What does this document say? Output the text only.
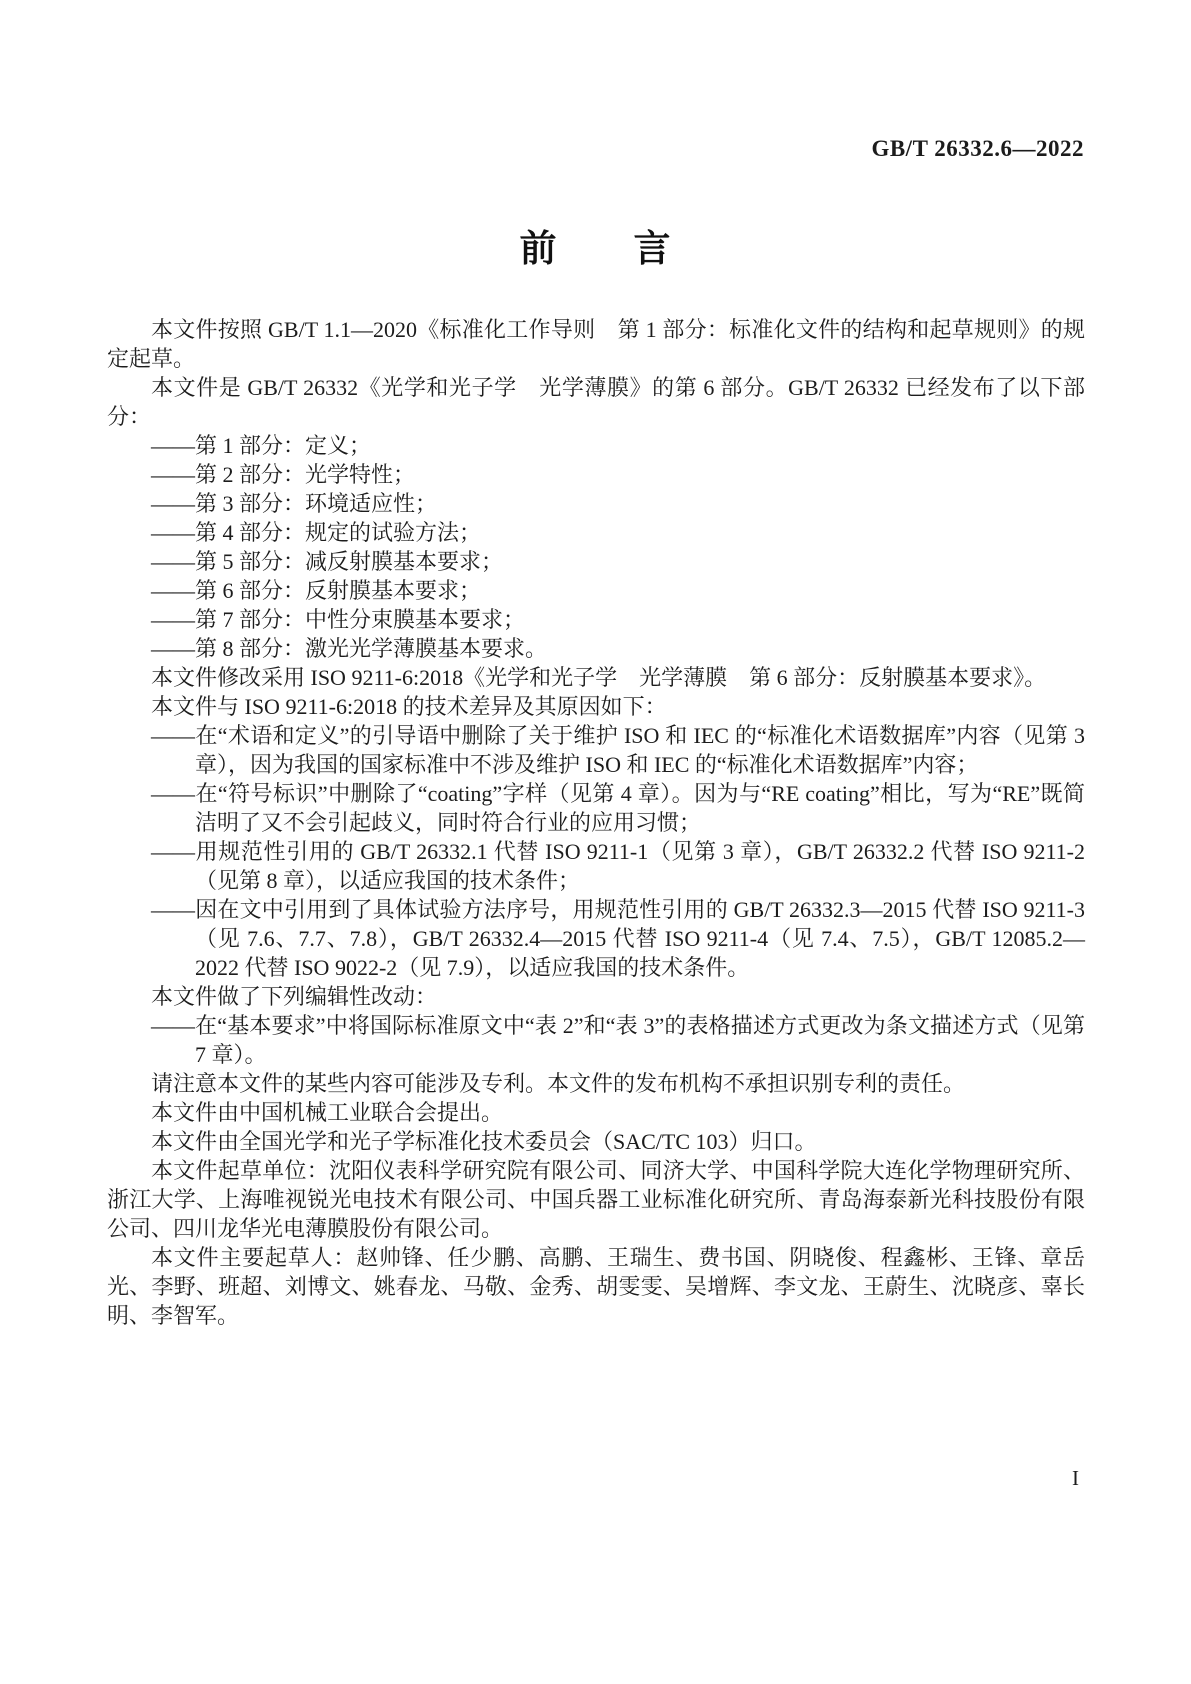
GB/T 26332.6—2022
前　　言
本文件按照 GB/T 1.1—2020《标准化工作导则　第 1 部分：标准化文件的结构和起草规则》的规定起草。
本文件是 GB/T 26332《光学和光子学　光学薄膜》的第 6 部分。GB/T 26332 已经发布了以下部分：
——第 1 部分：定义；
——第 2 部分：光学特性；
——第 3 部分：环境适应性；
——第 4 部分：规定的试验方法；
——第 5 部分：减反射膜基本要求；
——第 6 部分：反射膜基本要求；
——第 7 部分：中性分束膜基本要求；
——第 8 部分：激光光学薄膜基本要求。
本文件修改采用 ISO 9211-6:2018《光学和光子学　光学薄膜　第 6 部分：反射膜基本要求》。
本文件与 ISO 9211-6:2018 的技术差异及其原因如下：
——在“术语和定义”的引导语中删除了关于维护 ISO 和 IEC 的“标准化术语数据库”内容（见第 3 章），因为我国的国家标准中不涉及维护 ISO 和 IEC 的“标准化术语数据库”内容；
——在“符号标识”中删除了“coating”字样（见第 4 章）。因为与“RE coating”相比，写为“RE”既简洁明了又不会引起歧义，同时符合行业的应用习惯；
——用规范性引用的 GB/T 26332.1 代替 ISO 9211-1（见第 3 章），GB/T 26332.2 代替 ISO 9211-2（见第 8 章），以适应我国的技术条件；
——因在文中引用到了具体试验方法序号，用规范性引用的 GB/T 26332.3—2015 代替 ISO 9211-3（见 7.6、7.7、7.8），GB/T 26332.4—2015 代替 ISO 9211-4（见 7.4、7.5），GB/T 12085.2—2022 代替 ISO 9022-2（见 7.9），以适应我国的技术条件。
本文件做了下列编辑性改动：
——在“基本要求”中将国际标准原文中“表 2”和“表 3”的表格描述方式更改为条文描述方式（见第 7 章）。
请注意本文件的某些内容可能涉及专利。本文件的发布机构不承担识别专利的责任。
本文件由中国机械工业联合会提出。
本文件由全国光学和光子学标准化技术委员会（SAC/TC 103）归口。
本文件起草单位：沈阳仪表科学研究院有限公司、同济大学、中国科学院大连化学物理研究所、浙江大学、上海唯视锐光电技术有限公司、中国兵器工业标准化研究所、青岛海泰新光科技股份有限公司、四川龙华光电薄膜股份有限公司。
本文件主要起草人：赵帅锋、任少鹏、高鹏、王瑞生、费书国、阴晓俊、程鑫彬、王锋、章岳光、李野、班超、刘博文、姚春龙、马敬、金秀、胡雯雯、吴增辉、李文龙、王蔚生、沈晓彦、辜长明、李智军。
I
